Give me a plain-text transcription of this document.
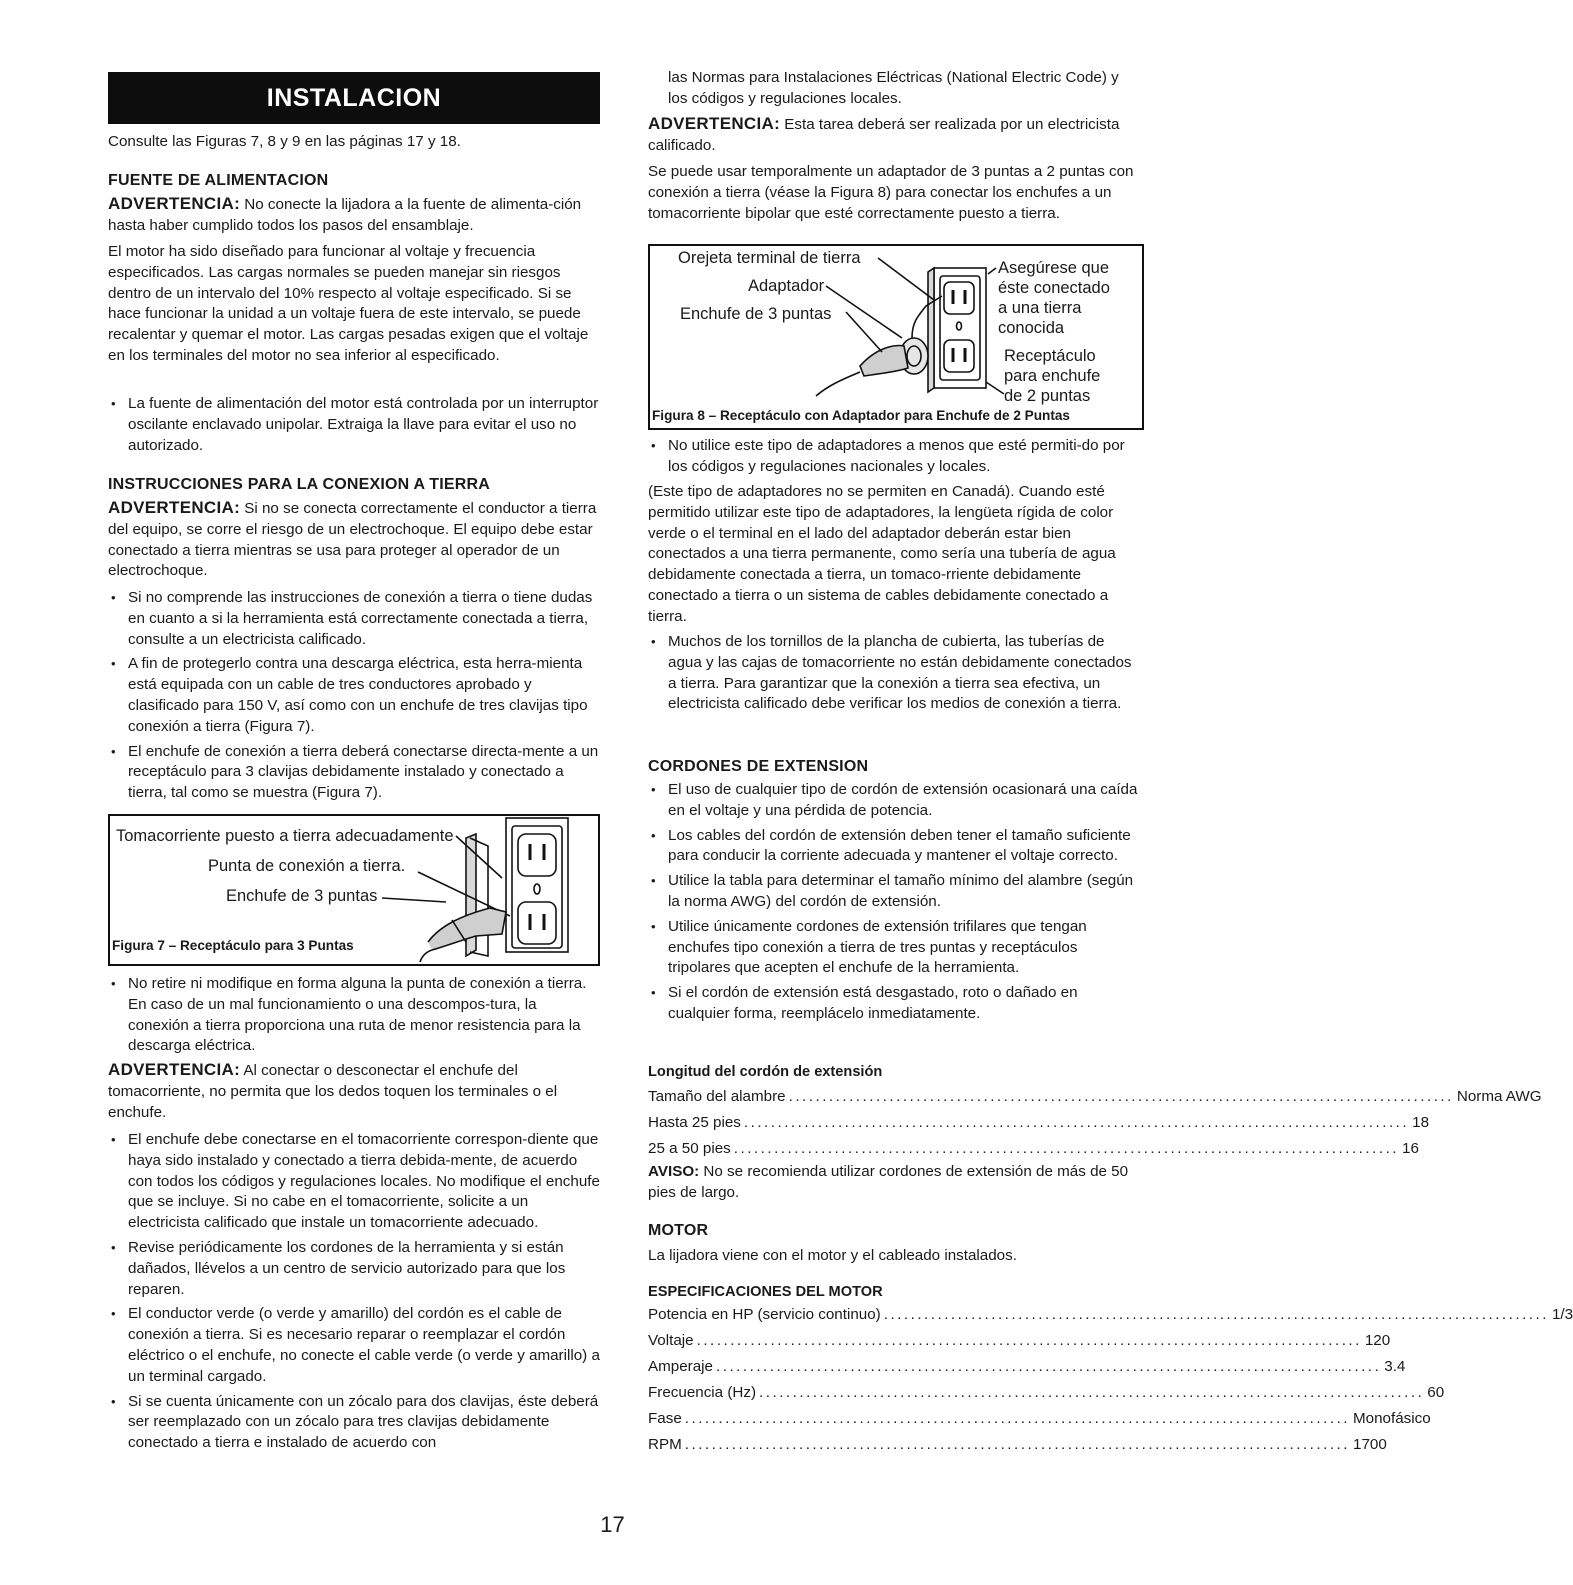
INSTALACION

Consulte las Figuras 7, 8 y 9 en las páginas 17 y 18.

FUENTE DE ALIMENTACION

ADVERTENCIA: No conecte la lijadora a la fuente de alimenta-ción hasta haber cumplido todos los pasos del ensamblaje.

El motor ha sido diseñado para funcionar al voltaje y frecuencia especificados. Las cargas normales se pueden manejar sin riesgos dentro de un intervalo del 10% respecto al voltaje especificado. Si se hace funcionar la unidad a un voltaje fuera de este intervalo, se puede recalentar y quemar el motor. Las cargas pesadas exigen que el voltaje en los terminales del motor no sea inferior al especificado.

• La fuente de alimentación del motor está controlada por un interruptor oscilante enclavado unipolar. Extraiga la llave para evitar el uso no autorizado.
INSTRUCCIONES PARA LA CONEXION A TIERRA

ADVERTENCIA: Si no se conecta correctamente el conductor a tierra del equipo, se corre el riesgo de un electrochoque. El equipo debe estar conectado a tierra mientras se usa para proteger al operador de un electrochoque.

• Si no comprende las instrucciones de conexión a tierra o tiene dudas en cuanto a si la herramienta está correctamente conectada a tierra, consulte a un electricista calificado.
• A fin de protegerlo contra una descarga eléctrica, esta herra-mienta está equipada con un cable de tres conductores aprobado y clasificado para 150 V, así como con un enchufe de tres clavijas tipo conexión a tierra (Figura 7).
• El enchufe de conexión a tierra deberá conectarse directa-mente a un receptáculo para 3 clavijas debidamente instalado y conectado a tierra, tal como se muestra (Figura 7).
Tomacorriente puesto a tierra adecuadamente
Punta de conexión a tierra.
Enchufe de 3 puntas
Figura 7 – Receptáculo para 3 Puntas
• No retire ni modifique en forma alguna la punta de conexión a tierra. En caso de un mal funcionamiento o una descompos-tura, la conexión a tierra proporciona una ruta de menor resistencia para la descarga eléctrica.

ADVERTENCIA: Al conectar o desconectar el enchufe del tomacorriente, no permita que los dedos toquen los terminales o el enchufe.

• El enchufe debe conectarse en el tomacorriente correspon-diente que haya sido instalado y conectado a tierra debida-mente, de acuerdo con todos los códigos y regulaciones locales. No modifique el enchufe que se incluye. Si no cabe en el tomacorriente, solicite a un electricista calificado que instale un tomacorriente adecuado.
• Revise periódicamente los cordones de la herramienta y si están dañados, llévelos a un centro de servicio autorizado para que los reparen.
• El conductor verde (o verde y amarillo) del cordón es el cable de conexión a tierra. Si es necesario reparar o reemplazar el cordón eléctrico o el enchufe, no conecte el cable verde (o verde y amarillo) a un terminal cargado.
• Si se cuenta únicamente con un zócalo para dos clavijas, éste deberá ser reemplazado con un zócalo para tres clavijas debidamente conectado a tierra e instalado de acuerdo con

las Normas para Instalaciones Eléctricas (National Electric Code) y los códigos y regulaciones locales.

ADVERTENCIA: Esta tarea deberá ser realizada por un electricista calificado.

Se puede usar temporalmente un adaptador de 3 puntas a 2 puntas con conexión a tierra (véase la Figura 8) para conectar los enchufes a un tomacorriente bipolar que esté correctamente puesto a tierra.

Orejeta terminal de tierra
Adaptador
Enchufe de 3 puntas
Asegúrese que
éste conectado
a una tierra
conocida
Receptáculo
para enchufe
de 2 puntas
Figura 8 – Receptáculo con Adaptador para Enchufe de 2 Puntas
• No utilice este tipo de adaptadores a menos que esté permiti-do por los códigos y regulaciones nacionales y locales.

(Este tipo de adaptadores no se permiten en Canadá). Cuando esté permitido utilizar este tipo de adaptadores, la lengüeta rígida de color verde o el terminal en el lado del adaptador deberán estar bien conectados a una tierra permanente, como sería una tubería de agua debidamente conectada a tierra, un tomaco-rriente debidamente conectado a tierra o un sistema de cables debidamente conectado a tierra.

• Muchos de los tornillos de la plancha de cubierta, las tuberías de agua y las cajas de tomacorriente no están debidamente conectados a tierra. Para garantizar que la conexión a tierra sea efectiva, un electricista calificado debe verificar los medios de conexión a tierra.
CORDONES DE EXTENSION
• El uso de cualquier tipo de cordón de extensión ocasionará una caída en el voltaje y una pérdida de potencia.
• Los cables del cordón de extensión deben tener el tamaño suficiente para conducir la corriente adecuada y mantener el voltaje correcto.
• Utilice la tabla para determinar el tamaño mínimo del alambre (según la norma AWG) del cordón de extensión.
• Utilice únicamente cordones de extensión trifilares que tengan enchufes tipo conexión a tierra de tres puntas y receptáculos tripolares que acepten el enchufe de la herramienta.
• Si el cordón de extensión está desgastado, roto o dañado en cualquier forma, reemplácelo inmediatamente.
Longitud del cordón de extensión
Tamaño del alambre ................................................................................................... Norma AWG
Hasta 25 pies ................................................................................................... 18
25 a 50 pies ................................................................................................... 16

AVISO: No se recomienda utilizar cordones de extensión de más de 50 pies de largo.

MOTOR

La lijadora viene con el motor y el cableado instalados.

ESPECIFICACIONES DEL MOTOR
Potencia en HP (servicio continuo) ................................................................................................... 1/3
Voltaje ................................................................................................... 120
Amperaje ................................................................................................... 3.4
Frecuencia (Hz) ................................................................................................... 60
Fase ................................................................................................... Monofásico
RPM ................................................................................................... 1700
17
